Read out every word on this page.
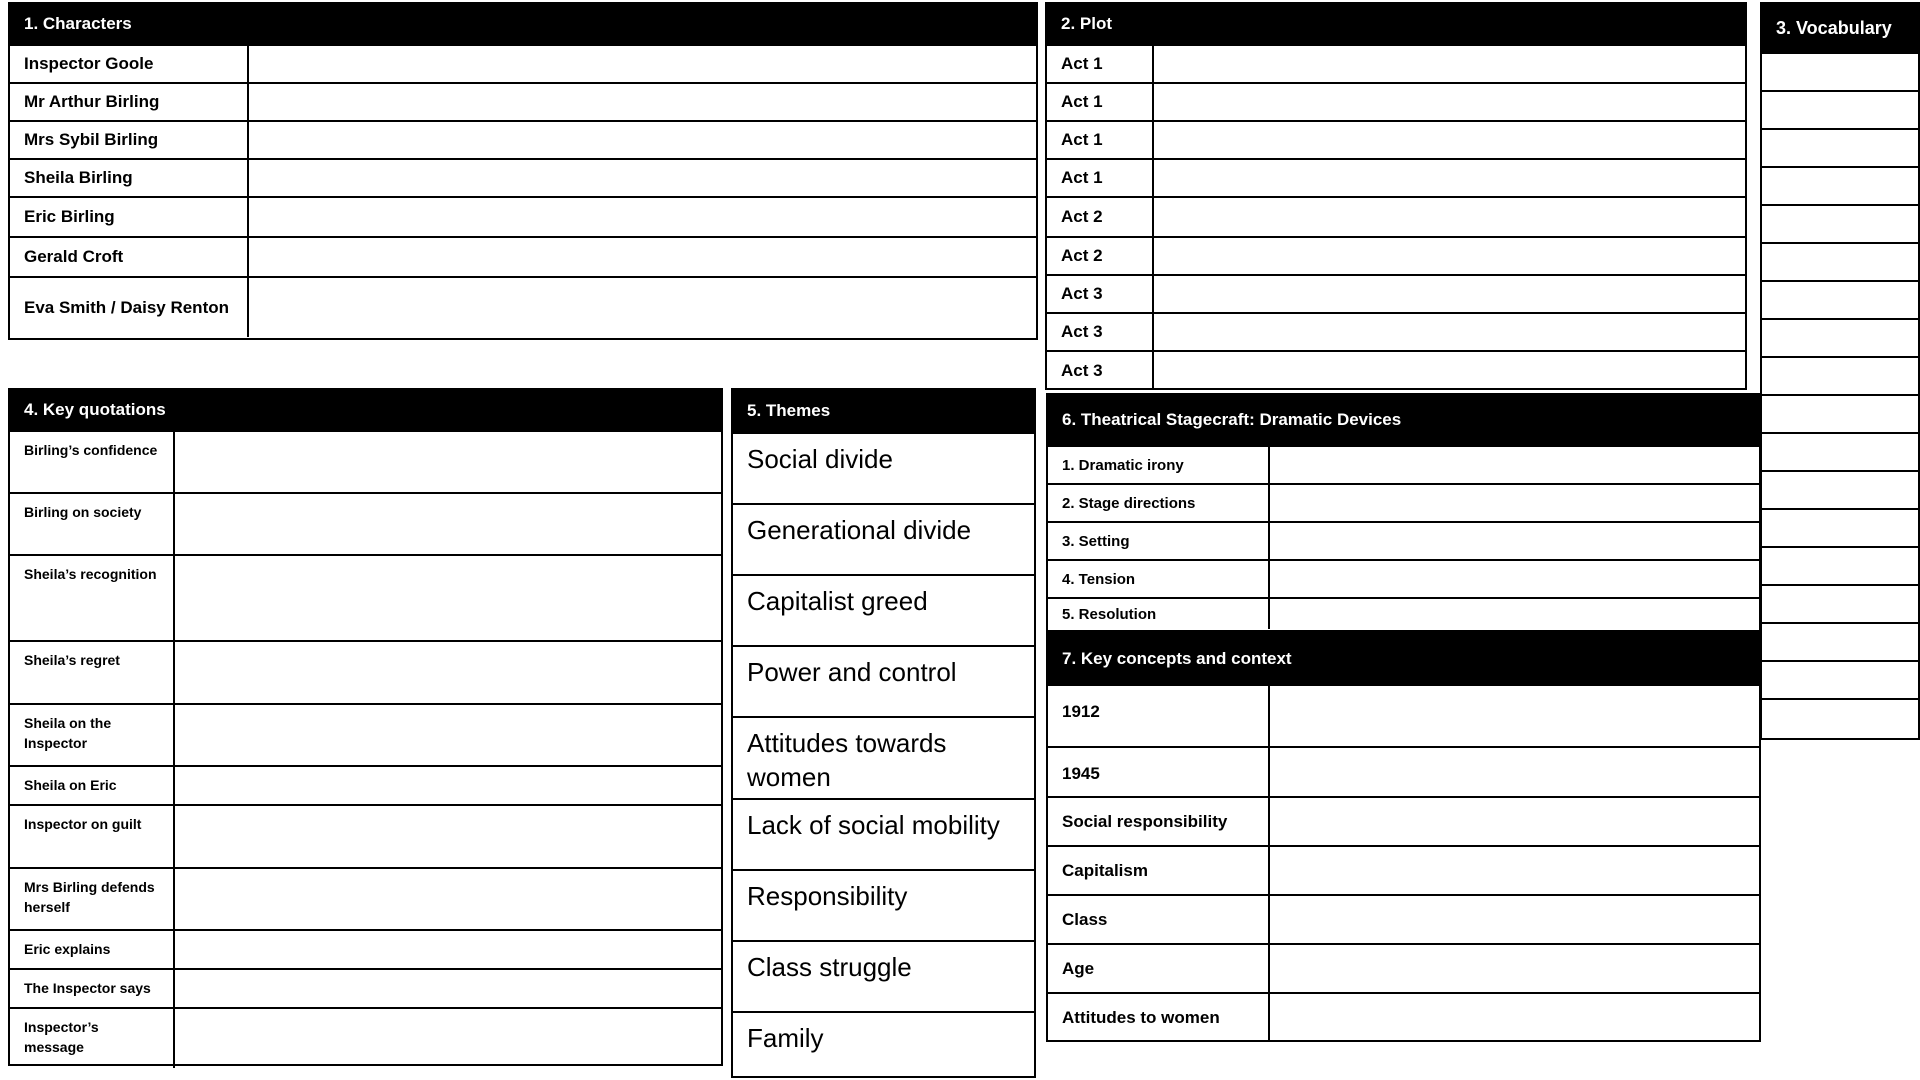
1. Characters
Inspector Goole	
Mr Arthur Birling	
Mrs Sybil Birling	
Sheila Birling	
Eric Birling	
Gerald Croft	
Eva Smith / Daisy Renton	
2. Plot
Act 1	
Act 1	
Act 1	
Act 1	
Act 2	
Act 2	
Act 3	
Act 3	
Act 3	
3. Vocabulary
4. Key quotations
Birling’s confidence	
Birling on society	
Sheila’s recognition	
Sheila’s regret	
Sheila on the Inspector	
Sheila on Eric	
Inspector on guilt	
Mrs Birling defends herself	
Eric explains	
The Inspector says	
Inspector’s message	
5. Themes
Social divide
Generational divide
Capitalist greed
Power and control
Attitudes towards women
Lack of social mobility
Responsibility
Class struggle
Family
6. Theatrical Stagecraft: Dramatic Devices
1. Dramatic irony	
2. Stage directions	
3. Setting	
4. Tension	
5. Resolution	
7. Key concepts and context
1912	
1945	
Social responsibility	
Capitalism	
Class	
Age	
Attitudes to women	
